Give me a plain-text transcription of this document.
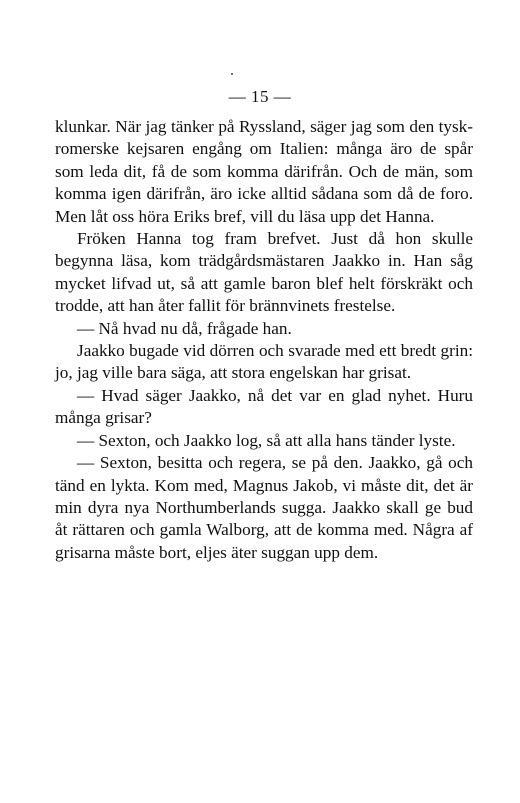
— 15 —

klunkar. När jag tänker på Ryssland, säger jag som den tysk-romerske kejsaren engång om Italien: många äro de spår som leda dit, få de som komma därifrån. Och de män, som komma igen därifrån, äro icke alltid sådana som då de foro. Men låt oss höra Eriks bref, vill du läsa upp det Hanna.

Fröken Hanna tog fram brefvet. Just då hon skulle begynna läsa, kom trädgårdsmästaren Jaakko in. Han såg mycket lifvad ut, så att gamle baron blef helt förskräkt och trodde, att han åter fallit för brännvinets frestelse.

— Nå hvad nu då, frågade han.

Jaakko bugade vid dörren och svarade med ett bredt grin: jo, jag ville bara säga, att stora engelskan har grisat.

— Hvad säger Jaakko, nå det var en glad nyhet. Huru många grisar?

— Sexton, och Jaakko log, så att alla hans tänder lyste.

— Sexton, besitta och regera, se på den. Jaakko, gå och tänd en lykta. Kom med, Magnus Jakob, vi måste dit, det är min dyra nya Northumberlands sugga. Jaakko skall ge bud åt rättaren och gamla Walborg, att de komma med. Några af grisarna måste bort, eljes äter suggan upp dem.
